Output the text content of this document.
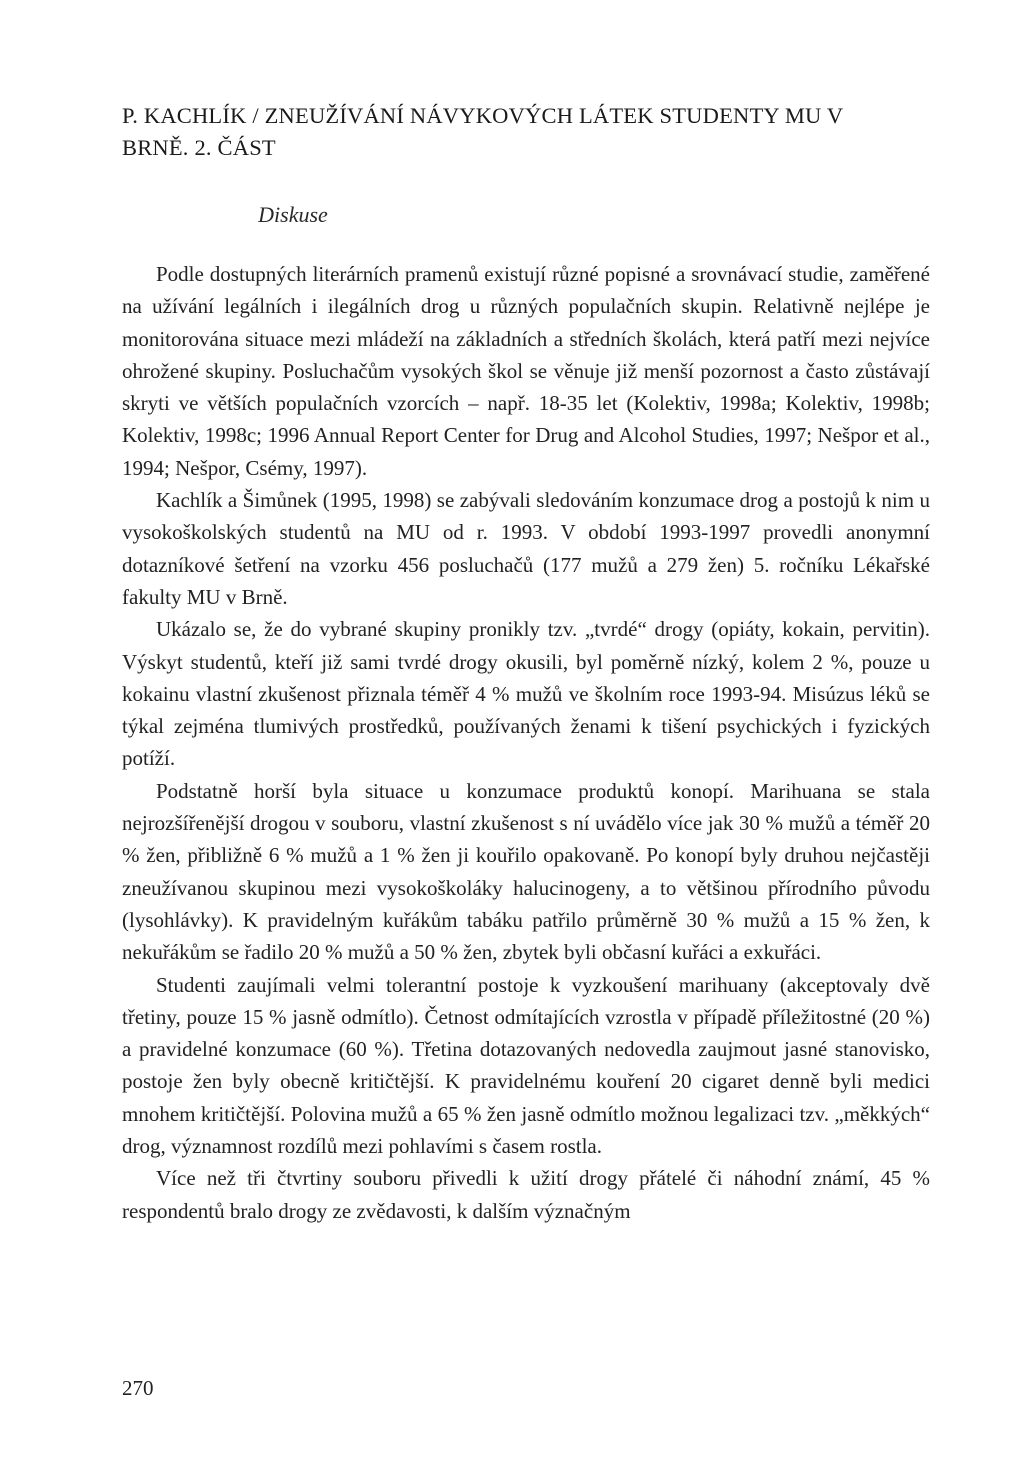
P. KACHLÍK / ZNEUŽÍVÁNÍ NÁVYKOVÝCH LÁTEK STUDENTY MU V BRNĚ. 2. ČÁST
Diskuse

Podle dostupných literárních pramenů existují různé popisné a srovnávací studie, zaměřené na užívání legálních i ilegálních drog u různých populačních skupin. Relativně nejlépe je monitorována situace mezi mládeží na základních a středních školách, která patří mezi nejvíce ohrožené skupiny. Posluchačům vysokých škol se věnuje již menší pozornost a často zůstávají skryti ve větších populačních vzorcích – např. 18-35 let (Kolektiv, 1998a; Kolektiv, 1998b; Kolektiv, 1998c; 1996 Annual Report Center for Drug and Alcohol Studies, 1997; Nešpor et al., 1994; Nešpor, Csémy, 1997).

Kachlík a Šimůnek (1995, 1998) se zabývali sledováním konzumace drog a postojů k nim u vysokoškolských studentů na MU od r. 1993. V období 1993-1997 provedli anonymní dotazníkové šetření na vzorku 456 posluchačů (177 mužů a 279 žen) 5. ročníku Lékařské fakulty MU v Brně.

Ukázalo se, že do vybrané skupiny pronikly tzv. „tvrdé“ drogy (opiáty, kokain, pervitin). Výskyt studentů, kteří již sami tvrdé drogy okusili, byl poměrně nízký, kolem 2 %, pouze u kokainu vlastní zkušenost přiznala téměř 4 % mužů ve školním roce 1993-94. Misúzus léků se týkal zejména tlumivých prostředků, používaných ženami k tišení psychických i fyzických potíží.

Podstatně horší byla situace u konzumace produktů konopí. Marihuana se stala nejrozšířenější drogou v souboru, vlastní zkušenost s ní uvádělo více jak 30 % mužů a téměř 20 % žen, přibližně 6 % mužů a 1 % žen ji kouřilo opakovaně. Po konopí byly druhou nejčastěji zneužívanou skupinou mezi vysokoškoláky halucinogeny, a to většinou přírodního původu (lysohlávky). K pravidelným kuřákům tabáku patřilo průměrně 30 % mužů a 15 % žen, k nekuřákům se řadilo 20 % mužů a 50 % žen, zbytek byli občasní kuřáci a exkuřáci.

Studenti zaujímali velmi tolerantní postoje k vyzkoušení marihuany (akceptovaly dvě třetiny, pouze 15 % jasně odmítlo). Četnost odmítajících vzrostla v případě příležitostné (20 %) a pravidelné konzumace (60 %). Třetina dotazovaných nedovedla zaujmout jasné stanovisko, postoje žen byly obecně kritičtější. K pravidelnému kouření 20 cigaret denně byli medici mnohem kritičtější. Polovina mužů a 65 % žen jasně odmítlo možnou legalizaci tzv. „měkkých“ drog, významnost rozdílů mezi pohlavími s časem rostla.

Více než tři čtvrtiny souboru přivedli k užití drogy přátelé či náhodní známí, 45 % respondentů bralo drogy ze zvědavosti, k dalším význačným

270
